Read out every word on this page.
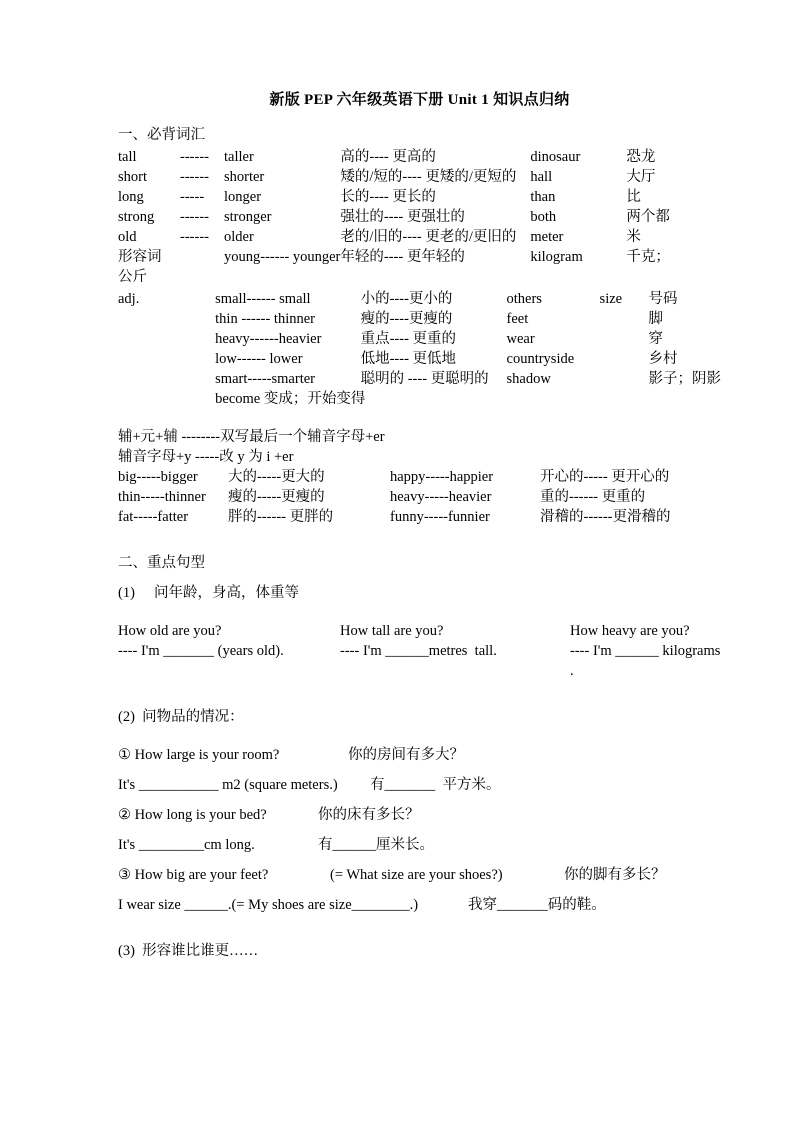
新版 PEP 六年级英语下册 Unit 1 知识点归纳
一、必背词汇
tall	------	taller	高的---- 更高的	dinosaur	恐龙
short	------	shorter	矮的/短的---- 更矮的/更短的	hall	大厅
long	-----	longer	长的---- 更长的	than	比
strong	------	stronger	强壮的---- 更强壮的	both	两个都
old	------	older	老的/旧的---- 更老的/更旧的	meter	米
形容词		young------ younger	年轻的---- 更年轻的	kilogram	千克；
公斤
adj.		small------ small	小的----更小的	others	size	号码
		thin ------ thinner	瘦的----更瘦的	feet		脚
		heavy------heavier	重点---- 更重的	wear		穿
		low------ lower	低地---- 更低地	countryside		乡村
		smart-----smarter	聪明的 ---- 更聪明的	shadow		影子；阴影
		become 变成；开始变得				
辅+元+辅 --------双写最后一个辅音字母+er
辅音字母+y -----改 y 为 i +er
big-----bigger	大的-----更大的	happy-----happier	开心的----- 更开心的
thin-----thinner	瘦的-----更瘦的	heavy-----heavier	重的------ 更重的
fat-----fatter	胖的------ 更胖的	funny-----funnier	滑稽的------更滑稽的
二、重点句型
(1)	问年龄，身高，体重等
How old are you?	How tall are you?	How heavy are you?
---- I'm _______ (years old).	---- I'm ______metres  tall.	---- I'm ______ kilograms .
(2)  问物品的情况：
① How large is your room?	你的房间有多大？
It's ___________ m2 (square meters.)	有_______  平方米。
② How long is your bed?	你的床有多长？
It's _________cm long.	有______厘米长。
③ How big are your feet?	(= What size are your shoes?)	你的脚有多长？
I wear size ______.(= My shoes are size________.)	我穿_______码的鞋。
(3)  形容谁比谁更……
